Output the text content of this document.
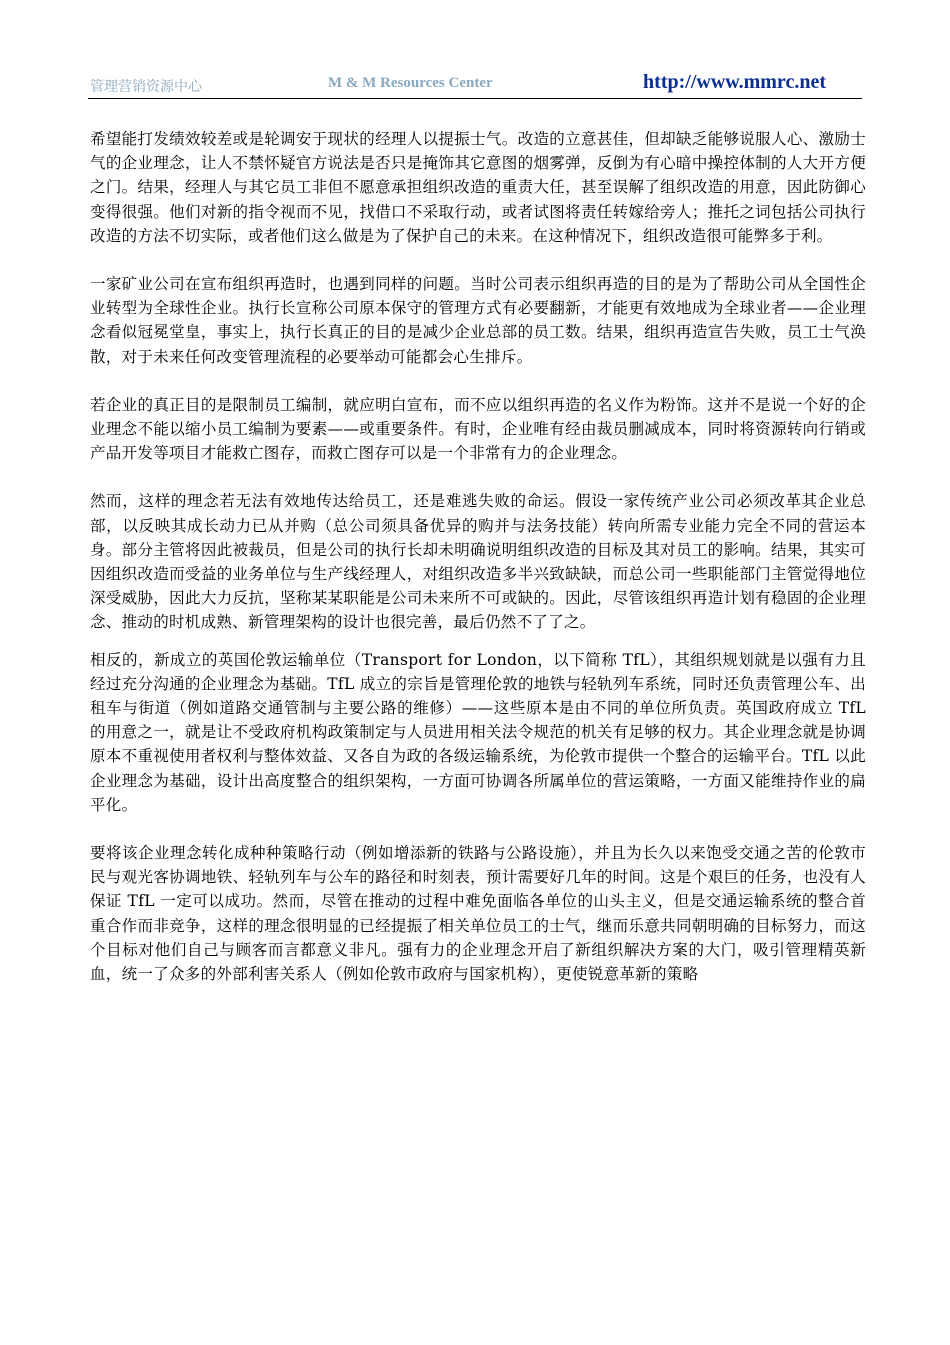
管理营销资源中心	M & M Resources Center	http://www.mmrc.net

希望能打发绩效较差或是轮调安于现状的经理人以提振士气。改造的立意甚佳，但却缺乏能够说服人心、激励士气的企业理念，让人不禁怀疑官方说法是否只是掩饰其它意图的烟雾弹，反倒为有心暗中操控体制的人大开方便之门。结果，经理人与其它员工非但不愿意承担组织改造的重责大任，甚至误解了组织改造的用意，因此防御心变得很强。他们对新的指令视而不见，找借口不采取行动，或者试图将责任转嫁给旁人；推托之词包括公司执行改造的方法不切实际，或者他们这么做是为了保护自己的未来。在这种情况下，组织改造很可能弊多于利。

一家矿业公司在宣布组织再造时，也遇到同样的问题。当时公司表示组织再造的目的是为了帮助公司从全国性企业转型为全球性企业。执行长宣称公司原本保守的管理方式有必要翻新，才能更有效地成为全球业者——企业理念看似冠冕堂皇，事实上，执行长真正的目的是减少企业总部的员工数。结果，组织再造宣告失败，员工士气涣散，对于未来任何改变管理流程的必要举动可能都会心生排斥。

若企业的真正目的是限制员工编制，就应明白宣布，而不应以组织再造的名义作为粉饰。这并不是说一个好的企业理念不能以缩小员工编制为要素——或重要条件。有时，企业唯有经由裁员删减成本，同时将资源转向行销或产品开发等项目才能救亡图存，而救亡图存可以是一个非常有力的企业理念。

然而，这样的理念若无法有效地传达给员工，还是难逃失败的命运。假设一家传统产业公司必须改革其企业总部，以反映其成长动力已从并购（总公司须具备优异的购并与法务技能）转向所需专业能力完全不同的营运本身。部分主管将因此被裁员，但是公司的执行长却未明确说明组织改造的目标及其对员工的影响。结果，其实可因组织改造而受益的业务单位与生产线经理人，对组织改造多半兴致缺缺，而总公司一些职能部门主管觉得地位深受威胁，因此大力反抗，坚称某某职能是公司未来所不可或缺的。因此，尽管该组织再造计划有稳固的企业理念、推动的时机成熟、新管理架构的设计也很完善，最后仍然不了了之。

相反的，新成立的英国伦敦运输单位（Transport for London，以下简称 TfL），其组织规划就是以强有力且经过充分沟通的企业理念为基础。TfL 成立的宗旨是管理伦敦的地铁与轻轨列车系统，同时还负责管理公车、出租车与街道（例如道路交通管制与主要公路的维修）——这些原本是由不同的单位所负责。英国政府成立 TfL 的用意之一，就是让不受政府机构政策制定与人员进用相关法令规范的机关有足够的权力。其企业理念就是协调原本不重视使用者权利与整体效益、又各自为政的各级运输系统，为伦敦市提供一个整合的运输平台。TfL 以此企业理念为基础，设计出高度整合的组织架构，一方面可协调各所属单位的营运策略，一方面又能维持作业的扁平化。

要将该企业理念转化成种种策略行动（例如增添新的铁路与公路设施），并且为长久以来饱受交通之苦的伦敦市民与观光客协调地铁、轻轨列车与公车的路径和时刻表，预计需要好几年的时间。这是个艰巨的任务，也没有人保证 TfL 一定可以成功。然而，尽管在推动的过程中难免面临各单位的山头主义，但是交通运输系统的整合首重合作而非竞争，这样的理念很明显的已经提振了相关单位员工的士气，继而乐意共同朝明确的目标努力，而这个目标对他们自己与顾客而言都意义非凡。强有力的企业理念开启了新组织解决方案的大门，吸引管理精英新血，统一了众多的外部利害关系人（例如伦敦市政府与国家机构），更使锐意革新的策略
